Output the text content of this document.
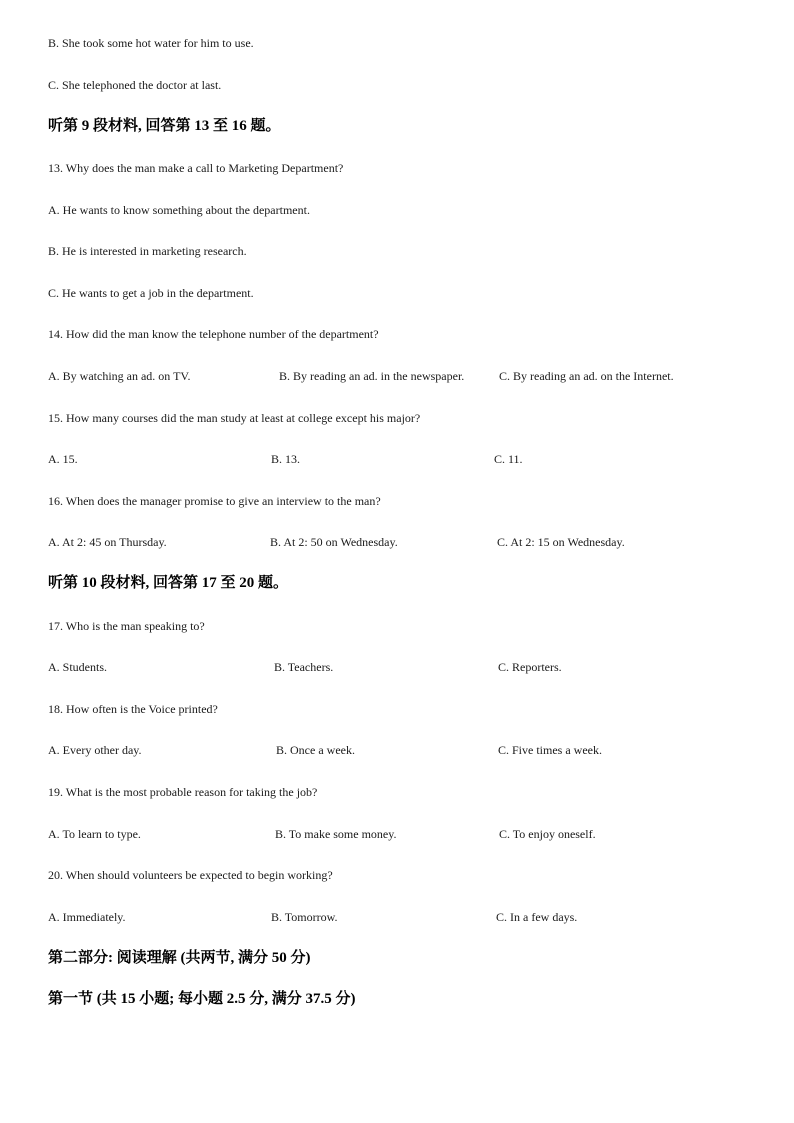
B. She took some hot water for him to use.
C. She telephoned the doctor at last.
听第 9 段材料, 回答第 13 至 16 题。
13. Why does the man make a call to Marketing Department?
A. He wants to know something about the department.
B. He is interested in marketing research.
C. He wants to get a job in the department.
14. How did the man know the telephone number of the department?
A. By watching an ad. on TV.	B. By reading an ad. in the newspaper.	C. By reading an ad. on the Internet.
15. How many courses did the man study at least at college except his major?
A. 15.	B. 13.	C. 11.
16. When does the manager promise to give an interview to the man?
A. At 2: 45 on Thursday.	B. At 2: 50 on Wednesday.	C. At 2: 15 on Wednesday.
听第 10 段材料, 回答第 17 至 20 题。
17. Who is the man speaking to?
A. Students.	B. Teachers.	C. Reporters.
18. How often is the Voice printed?
A. Every other day.	B. Once a week.	C. Five times a week.
19. What is the most probable reason for taking the job?
A. To learn to type.	B. To make some money.	C. To enjoy oneself.
20. When should volunteers be expected to begin working?
A. Immediately.	B. Tomorrow.	C. In a few days.
第二部分: 阅读理解 (共两节, 满分 50 分)
第一节 (共 15 小题; 每小题 2.5 分, 满分 37.5 分)
